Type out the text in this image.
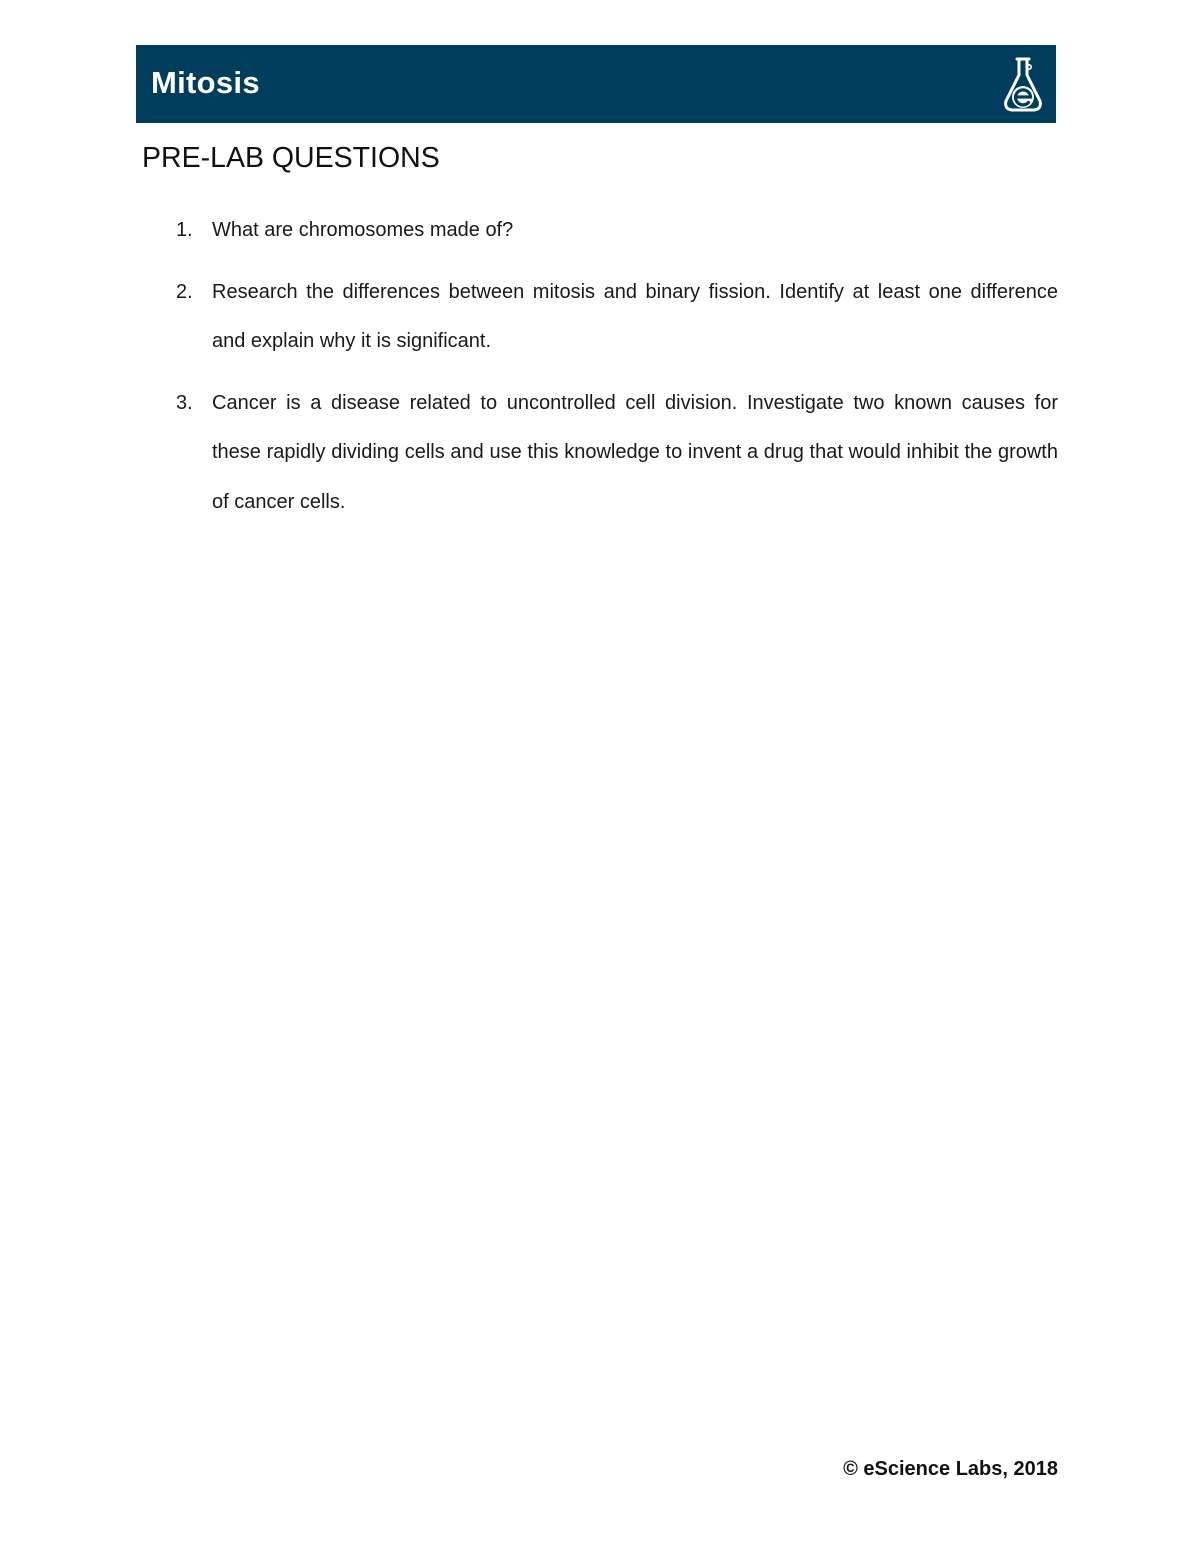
Mitosis
PRE-LAB QUESTIONS
1. What are chromosomes made of?
2. Research the differences between mitosis and binary fission. Identify at least one difference and explain why it is significant.
3. Cancer is a disease related to uncontrolled cell division. Investigate two known causes for these rapidly dividing cells and use this knowledge to invent a drug that would inhibit the growth of cancer cells.
© eScience Labs, 2018
